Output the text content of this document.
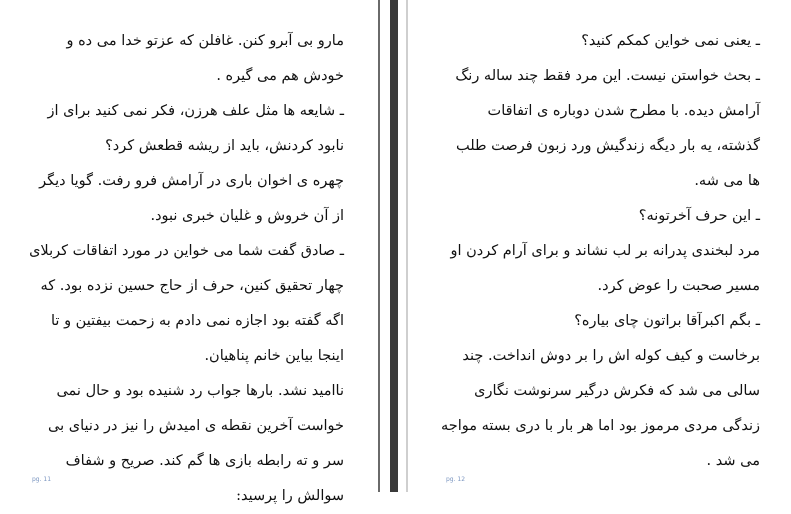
مارو بی آبرو کنن. غافلن که عزتو خدا می ده و خودش هم می گیره .

ـ شایعه ها مثل علف هرزن، فکر نمی کنید برای از نابود کردنش، باید از ریشه قطعش کرد؟

چهره ی اخوان باری در آرامش فرو رفت. گویا دیگر از آن خروش و غلیان خبری نبود.

ـ صادق گفت شما می خواین در مورد اتفاقات کربلای چهار تحقیق کنین، حرف از حاج حسین نزده بود. که اگه گفته بود اجازه نمی دادم به زحمت بیفتین و تا اینجا بیاین خانم پناهیان.

ناامید نشد. بارها جواب رد شنیده بود و حال نمی خواست آخرین نقطه ی امیدش را نیز در دنیای بی سر و ته رابطه بازی ها گم کند. صریح و شفاف سوالش را پرسید:

pg. 11

ـ یعنی نمی خواین کمکم کنید؟

ـ بحث خواستن نیست. این مرد فقط چند ساله رنگ آرامش دیده. با مطرح شدن دوباره ی اتفاقات گذشته، یه بار دیگه زندگیش ورد زبون فرصت طلب ها می شه.

ـ این حرف آخرتونه؟

مرد لبخندی پدرانه بر لب نشاند و برای آرام کردن او مسیر صحبت را عوض کرد.

ـ بگم اکبرآقا براتون چای بیاره؟

برخاست و کیف کوله اش را بر دوش انداخت. چند سالی می شد که فکرش درگیر سرنوشت نگاری زندگی مردی مرموز بود اما هر بار با دری بسته مواجه می شد .

pg. 12
